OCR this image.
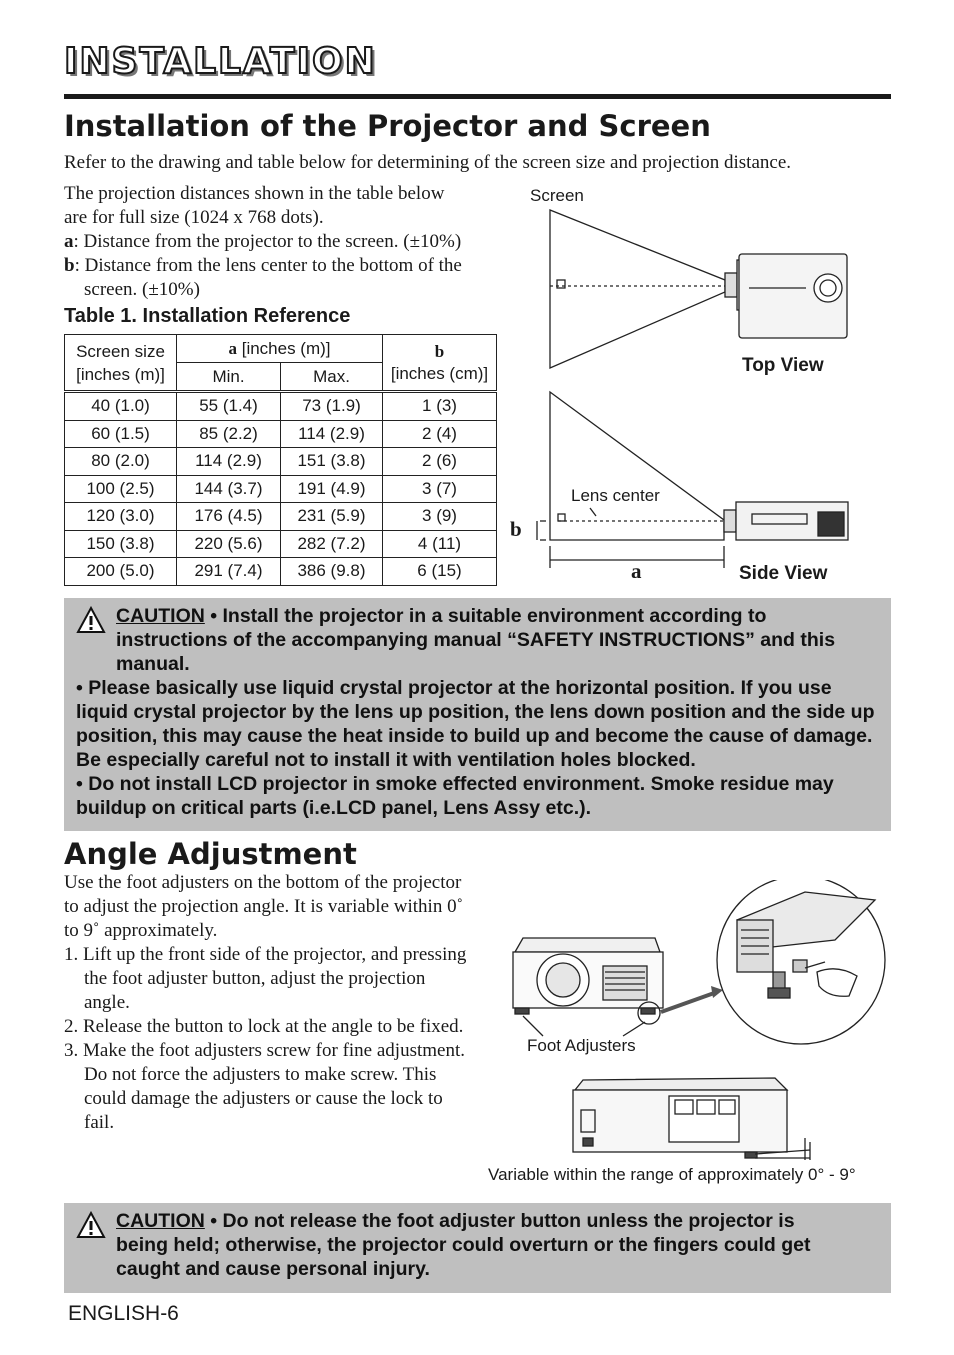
INSTALLATION
Installation of the Projector and Screen
Refer to the drawing and table below for determining of the screen size and projection distance.

The projection distances shown in the table below

are for full size (1024 x 768 dots).

a: Distance from the projector to the screen. (±10%)

b: Distance from the lens center to the bottom of the screen. (±10%)

Table 1. Installation Reference
Screen size [inches (m)]	a [inches (m)]		b
[inches (cm)]
	Min.	Max.	
40 (1.0)	55 (1.4)	73 (1.9)	1 (3)
60 (1.5)	85 (2.2)	114 (2.9)	2 (4)
80 (2.0)	114 (2.9)	151 (3.8)	2 (6)
100 (2.5)	144 (3.7)	191 (4.9)	3 (7)
120 (3.0)	176 (4.5)	231 (5.9)	3 (9)
150 (3.8)	220 (5.6)	282 (7.2)	4 (11)
200 (5.0)	291 (7.4)	386 (9.8)	6 (15)
Screen
Top View
Lens center
Side View
a
b

CAUTION • Install the projector in a suitable environment according to
instructions of the accompanying manual “SAFETY INSTRUCTIONS” and this manual.

• Please basically use liquid crystal projector at the horizontal position. If you use liquid crystal projector by the lens up position, the lens down position and the side up position, this may cause the heat inside to build up and become the cause of damage. Be especially careful not to install it with ventilation holes blocked.

• Do not install LCD projector in smoke effected environment. Smoke residue may buildup on critical parts (i.e.LCD panel, Lens Assy etc.).

Angle Adjustment

Use the foot adjusters on the bottom of the projector to adjust the projection angle. It is variable within 0˚ to 9˚ approximately.

1. Lift up the front side of the projector, and pressing the foot adjuster button, adjust the projection angle.

2. Release the button to lock at the angle to be fixed.

3. Make the foot adjusters screw for fine adjustment. Do not force the adjusters to make screw. This could damage the adjusters or cause the lock to fail.

Foot Adjusters
Variable within the range of approximately 0° - 9°

CAUTION • Do not release the foot adjuster button unless the projector is
being held; otherwise, the projector could overturn or the fingers could get caught and cause personal injury.

ENGLISH-6
